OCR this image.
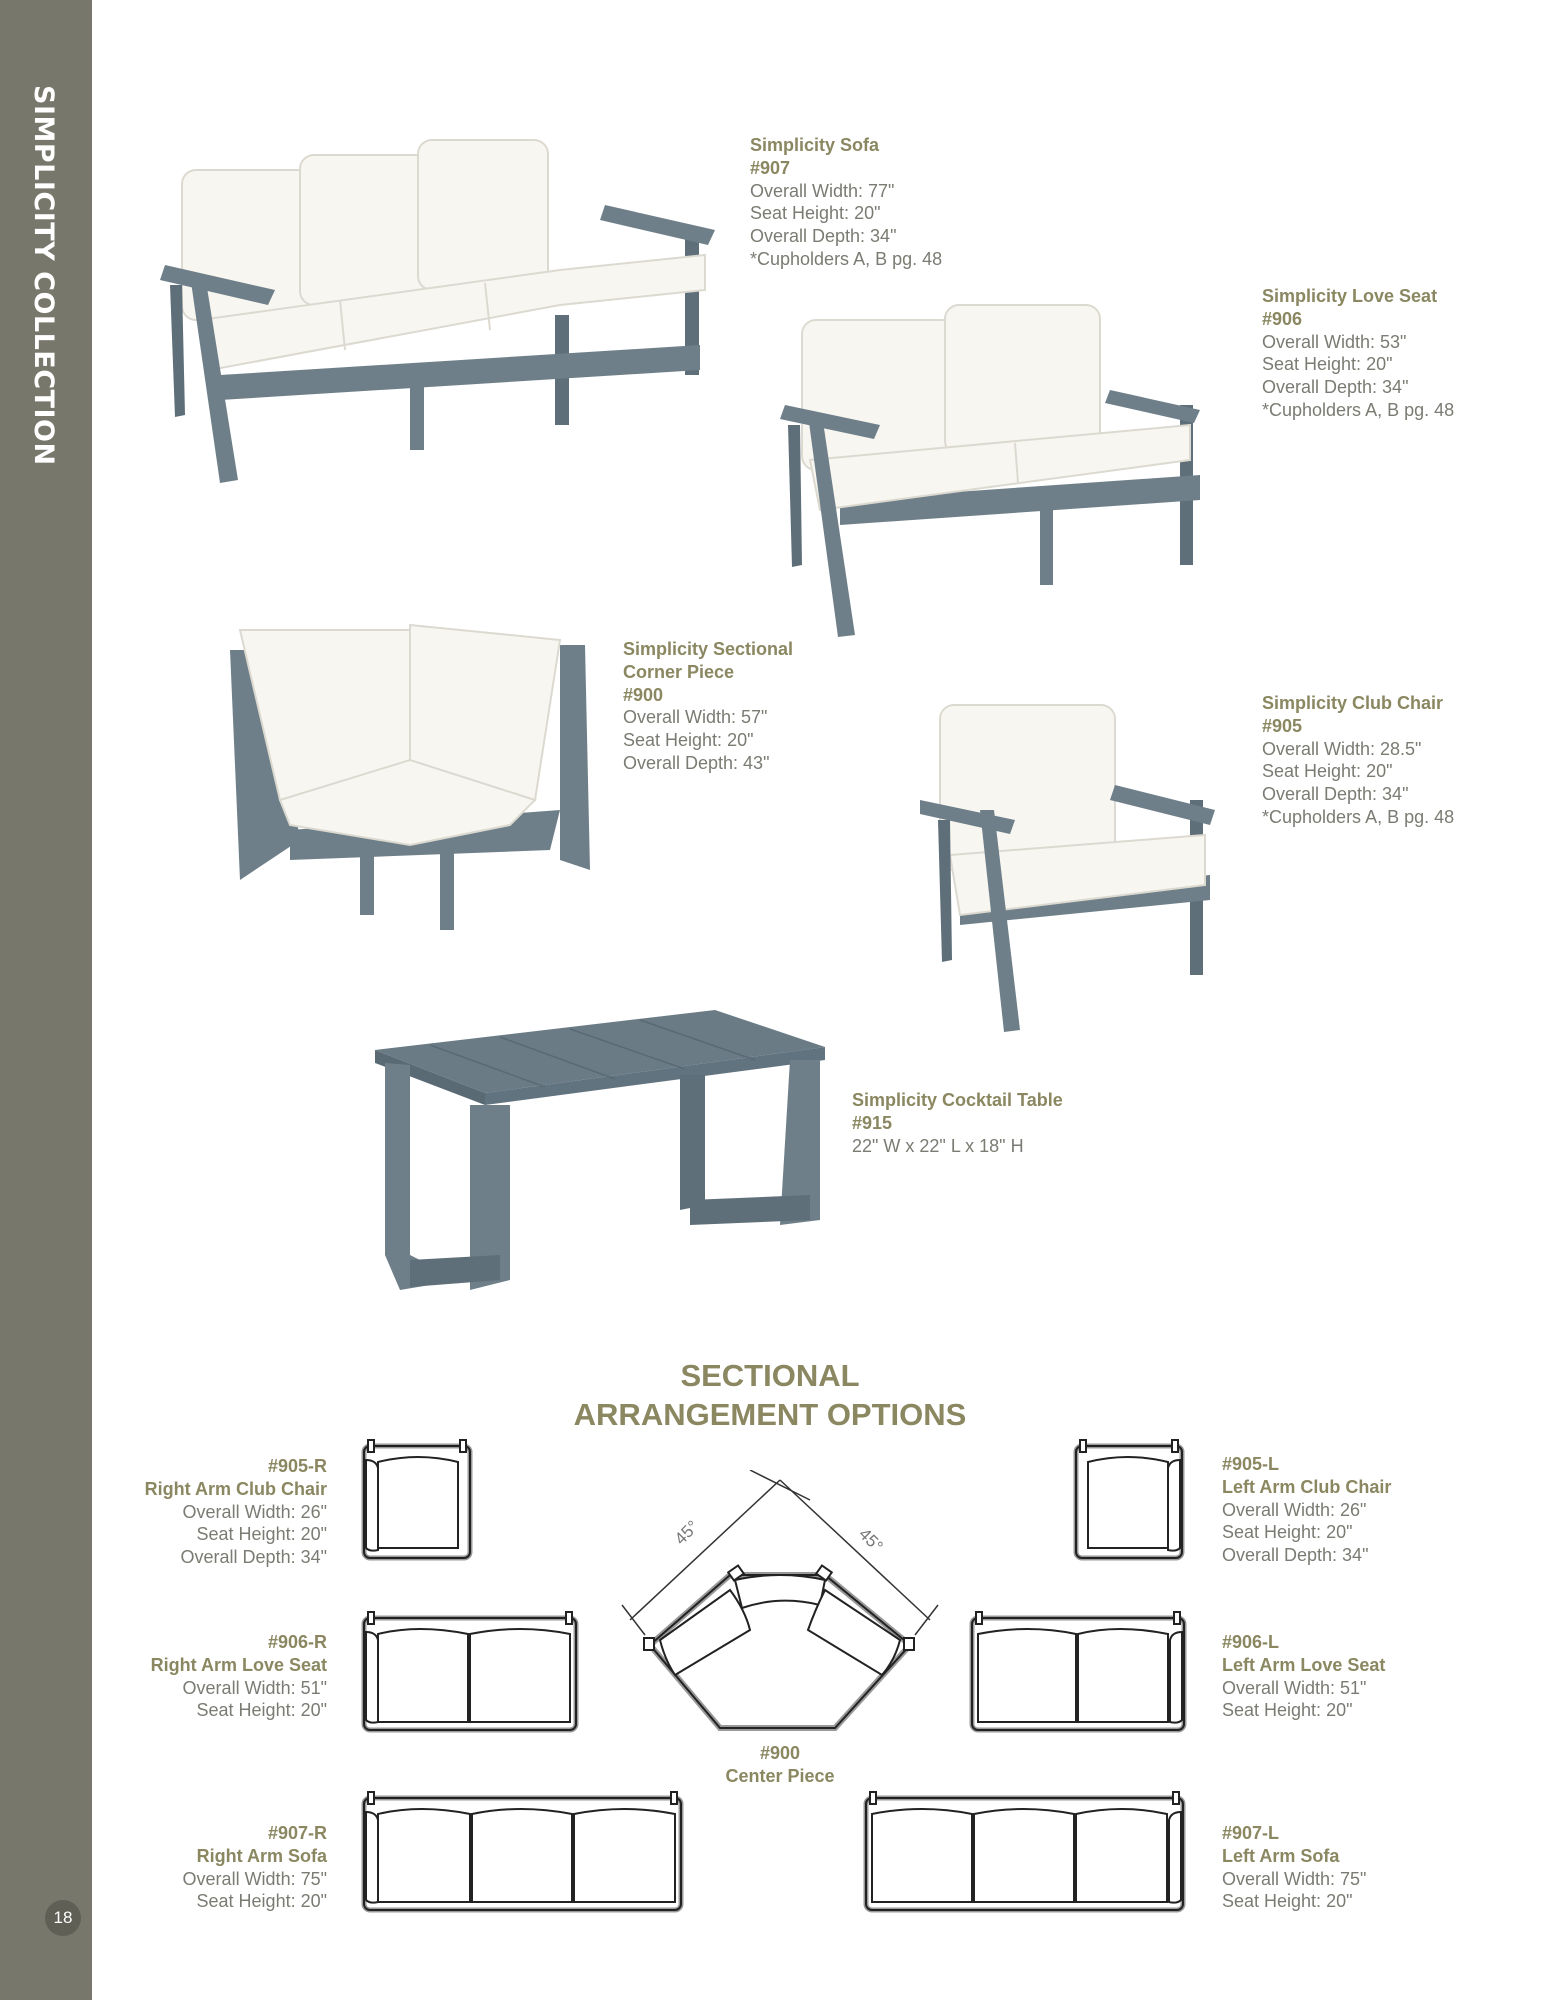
SIMPLICITY COLLECTION
18
Simplicity Sofa
#907
Overall Width: 77"
Seat Height: 20"
Overall Depth: 34"
*Cupholders A, B pg. 48
Simplicity Love Seat
#906
Overall Width: 53"
Seat Height: 20"
Overall Depth: 34"
*Cupholders A, B pg. 48
Simplicity Sectional
Corner Piece
#900
Overall Width: 57"
Seat Height: 20"
Overall Depth: 43"
Simplicity Club Chair
#905
Overall Width: 28.5"
Seat Height: 20"
Overall Depth: 34"
*Cupholders A, B pg. 48
Simplicity Cocktail Table
#915
22" W x 22" L x 18" H
SECTIONAL
ARRANGEMENT OPTIONS
#905-R
Right Arm Club Chair
Overall Width: 26"
Seat Height: 20"
Overall Depth: 34"
#905-L
Left Arm Club Chair
Overall Width: 26"
Seat Height: 20"
Overall Depth: 34"
#906-R
Right Arm Love Seat
Overall Width: 51"
Seat Height: 20"
#906-L
Left Arm Love Seat
Overall Width: 51"
Seat Height: 20"
#907-R
Right Arm Sofa
Overall Width: 75"
Seat Height: 20"
#907-L
Left Arm Sofa
Overall Width: 75"
Seat Height: 20"
45°	45°
#900
Center Piece
